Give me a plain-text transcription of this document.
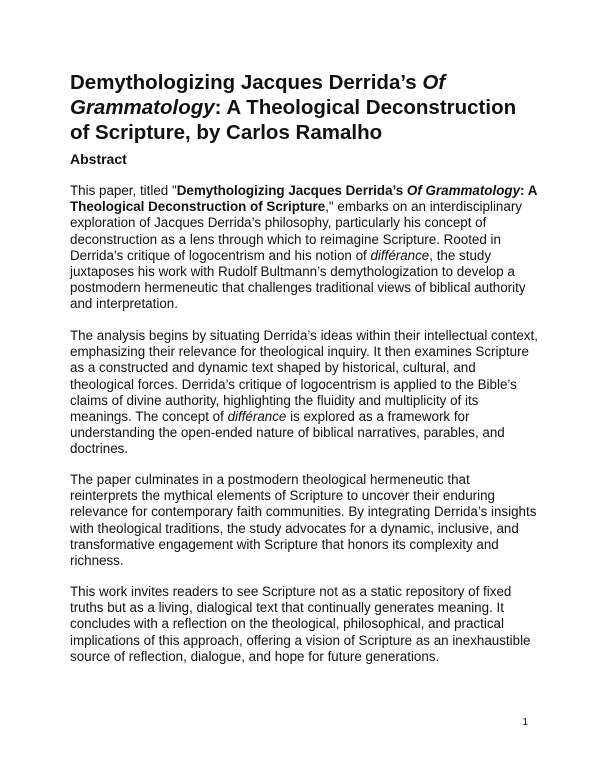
Demythologizing Jacques Derrida’s Of Grammatology: A Theological Deconstruction of Scripture, by Carlos Ramalho
Abstract

This paper, titled "Demythologizing Jacques Derrida’s Of Grammatology: A Theological Deconstruction of Scripture," embarks on an interdisciplinary exploration of Jacques Derrida’s philosophy, particularly his concept of deconstruction as a lens through which to reimagine Scripture. Rooted in Derrida’s critique of logocentrism and his notion of différance, the study juxtaposes his work with Rudolf Bultmann’s demythologization to develop a postmodern hermeneutic that challenges traditional views of biblical authority and interpretation.

The analysis begins by situating Derrida’s ideas within their intellectual context, emphasizing their relevance for theological inquiry. It then examines Scripture as a constructed and dynamic text shaped by historical, cultural, and theological forces. Derrida’s critique of logocentrism is applied to the Bible’s claims of divine authority, highlighting the fluidity and multiplicity of its meanings. The concept of différance is explored as a framework for understanding the open-ended nature of biblical narratives, parables, and doctrines.

The paper culminates in a postmodern theological hermeneutic that reinterprets the mythical elements of Scripture to uncover their enduring relevance for contemporary faith communities. By integrating Derrida’s insights with theological traditions, the study advocates for a dynamic, inclusive, and transformative engagement with Scripture that honors its complexity and richness.

This work invites readers to see Scripture not as a static repository of fixed truths but as a living, dialogical text that continually generates meaning. It concludes with a reflection on the theological, philosophical, and practical implications of this approach, offering a vision of Scripture as an inexhaustible source of reflection, dialogue, and hope for future generations.

1
